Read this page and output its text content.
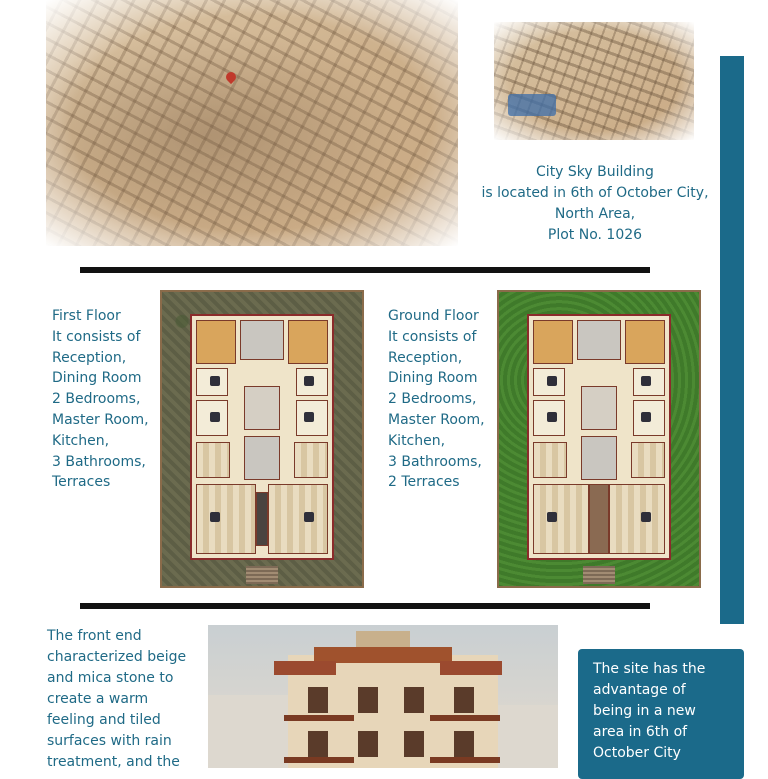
City Sky Building
is located in 6th of October City,
North Area,
Plot No. 1026
First Floor
It consists of
Reception,
Dining Room
2 Bedrooms,
Master Room,
Kitchen,
3 Bathrooms,
Terraces
Ground Floor
It consists of
Reception,
Dining Room
2 Bedrooms,
Master Room,
Kitchen,
3 Bathrooms,
2 Terraces
The front end
characterized beige
and mica stone to
create a warm
feeling and tiled
surfaces with rain
treatment, and the
The site has the
advantage of
being in a new
area in 6th of
October City
